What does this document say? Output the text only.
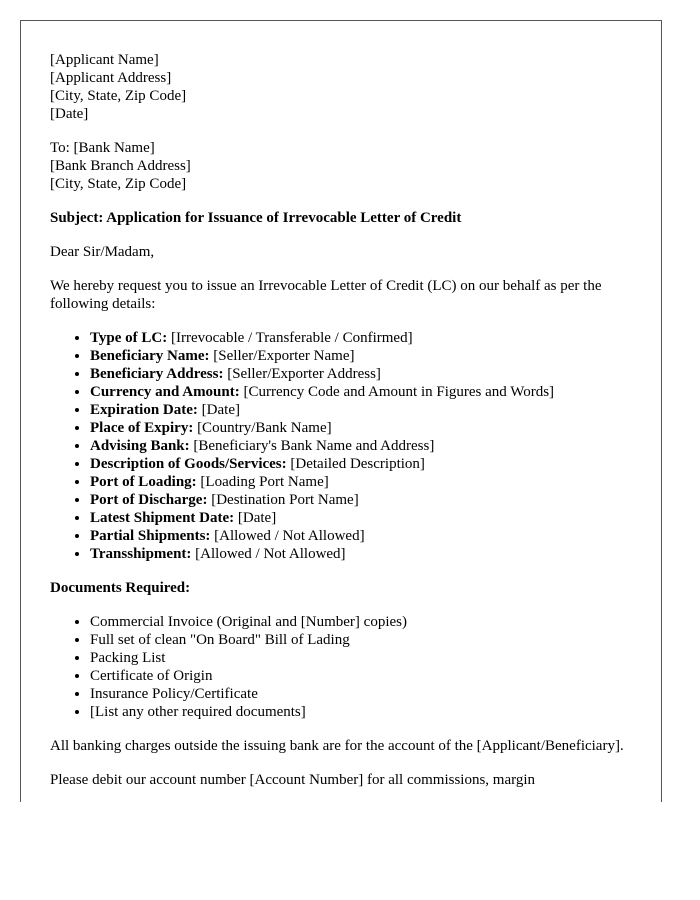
[Applicant Name]
[Applicant Address]
[City, State, Zip Code]
[Date]
To: [Bank Name]
[Bank Branch Address]
[City, State, Zip Code]
Subject: Application for Issuance of Irrevocable Letter of Credit

Dear Sir/Madam,

We hereby request you to issue an Irrevocable Letter of Credit (LC) on our behalf as per the following details:

• Type of LC: [Irrevocable / Transferable / Confirmed]
• Beneficiary Name: [Seller/Exporter Name]
• Beneficiary Address: [Seller/Exporter Address]
• Currency and Amount: [Currency Code and Amount in Figures and Words]
• Expiration Date: [Date]
• Place of Expiry: [Country/Bank Name]
• Advising Bank: [Beneficiary's Bank Name and Address]
• Description of Goods/Services: [Detailed Description]
• Port of Loading: [Loading Port Name]
• Port of Discharge: [Destination Port Name]
• Latest Shipment Date: [Date]
• Partial Shipments: [Allowed / Not Allowed]
• Transshipment: [Allowed / Not Allowed]

Documents Required:

• Commercial Invoice (Original and [Number] copies)
• Full set of clean "On Board" Bill of Lading
• Packing List
• Certificate of Origin
• Insurance Policy/Certificate
• [List any other required documents]

All banking charges outside the issuing bank are for the account of the [Applicant/Beneficiary].

Please debit our account number [Account Number] for all commissions, margin
